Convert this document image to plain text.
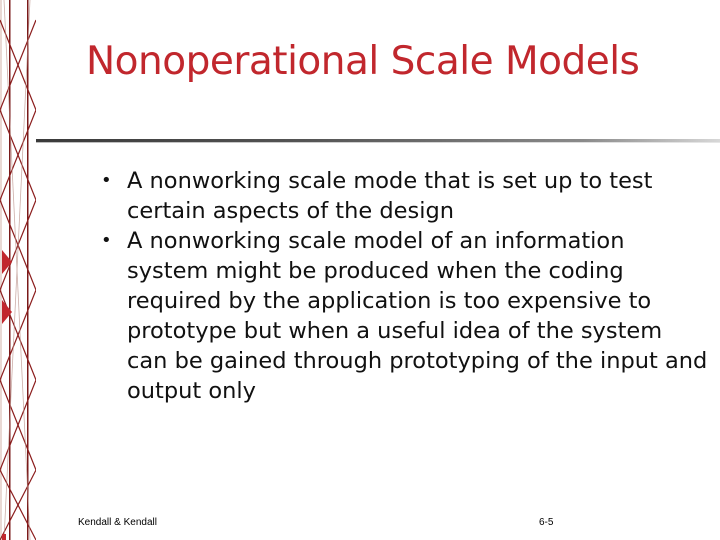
Nonoperational Scale Models
• A nonworking scale mode that is set up to test certain aspects of the design
• A nonworking scale model of an information system might be produced when the coding required by the application is too expensive to prototype but when a useful idea of the system can be gained through prototyping of the input and output only
Kendall & Kendall	6-5
